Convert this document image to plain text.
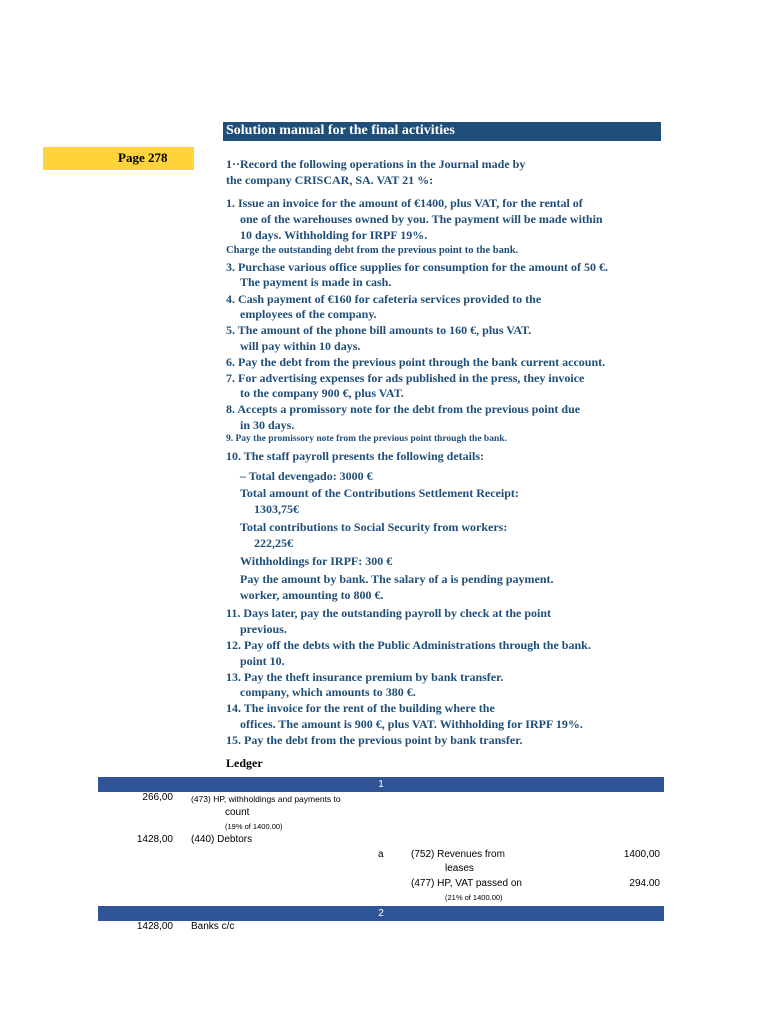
Solution manual for the final activities
Page 278	1··Record the following operations in the Journal made by
the company CRISCAR, SA. VAT 21 %:
1. Issue an invoice for the amount of €1400, plus VAT, for the rental of
one of the warehouses owned by you. The payment will be made within
10 days. Withholding for IRPF 19%.
Charge the outstanding debt from the previous point to the bank.
3. Purchase various office supplies for consumption for the amount of 50 €.
The payment is made in cash.
4. Cash payment of €160 for cafeteria services provided to the
employees of the company.
5. The amount of the phone bill amounts to 160 €, plus VAT.
will pay within 10 days.
6. Pay the debt from the previous point through the bank current account.
7. For advertising expenses for ads published in the press, they invoice
to the company 900 €, plus VAT.
8. Accepts a promissory note for the debt from the previous point due
in 30 days.
9. Pay the promissory note from the previous point through the bank.
10. The staff payroll presents the following details:
– Total devengado: 3000 €
Total amount of the Contributions Settlement Receipt:
1303,75€
Total contributions to Social Security from workers:
222,25€
Withholdings for IRPF: 300 €
Pay the amount by bank. The salary of a is pending payment.
worker, amounting to 800 €.
11. Days later, pay the outstanding payroll by check at the point
previous.
12. Pay off the debts with the Public Administrations through the bank.
point 10.
13. Pay the theft insurance premium by bank transfer.
company, which amounts to 380 €.
14. The invoice for the rent of the building where the
offices. The amount is 900 €, plus VAT. Withholding for IRPF 19%.
15. Pay the debt from the previous point by bank transfer.
Ledger
1
266,00 (473) HP, withholdings and payments to
count
(19% of 1400.00)
1428,00 (440) Debtors
a	(752) Revenues from
leases
1400,00
(477) HP, VAT passed on
(21% of 1400.00)
294.00
2
1428,00 Banks c/c
